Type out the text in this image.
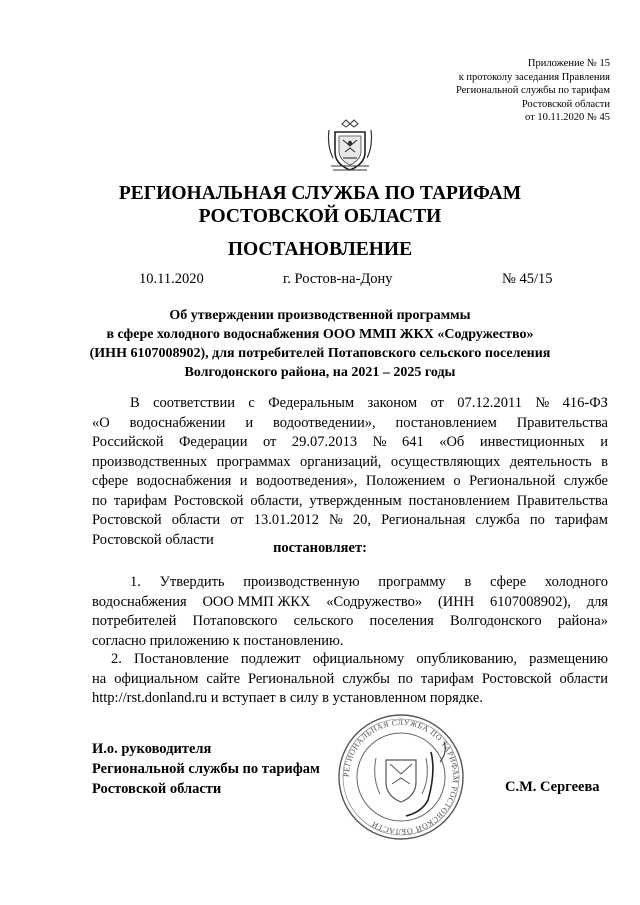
Приложение № 15
к протоколу заседания Правления
Региональной службы по тарифам
Ростовской области
от 10.11.2020 № 45
РЕГИОНАЛЬНАЯ СЛУЖБА ПО ТАРИФАМ
РОСТОВСКОЙ ОБЛАСТИ
ПОСТАНОВЛЕНИЕ
10.11.2020	г. Ростов-на-Дону	№ 45/15
Об утверждении производственной программы
в сфере холодного водоснабжения ООО ММП ЖКХ «Содружество»
(ИНН 6107008902), для потребителей Потаповского сельского поселения
Волгодонского района, на 2021 – 2025 годы
В соответствии с Федеральным законом от 07.12.2011 № 416-ФЗ
«О водоснабжении и водоотведении», постановлением Правительства
Российской Федерации от 29.07.2013 № 641 «Об инвестиционных и
производственных программах организаций, осуществляющих деятельность в
сфере водоснабжения и водоотведения», Положением о Региональной службе
по тарифам Ростовской области, утвержденным постановлением Правительства
Ростовской области от 13.01.2012 № 20, Региональная служба по тарифам
Ростовской области
постановляет:
1. Утвердить производственную программу в сфере холодного
водоснабжения ООО ММП ЖКХ «Содружество» (ИНН 6107008902), для
потребителей Потаповского сельского поселения Волгодонского района»
согласно приложению к постановлению.
2. Постановление подлежит официальному опубликованию, размещению
на официальном сайте Региональной службы по тарифам Ростовской области
http://rst.donland.ru и вступает в силу в установленном порядке.
И.о. руководителя
Региональной службы по тарифам
Ростовской области
РЕГИОНАЛЬНАЯ СЛУЖБА ПО ТАРИФАМ РОСТОВСКОЙ ОБЛАСТИ
С.М. Сергеева
